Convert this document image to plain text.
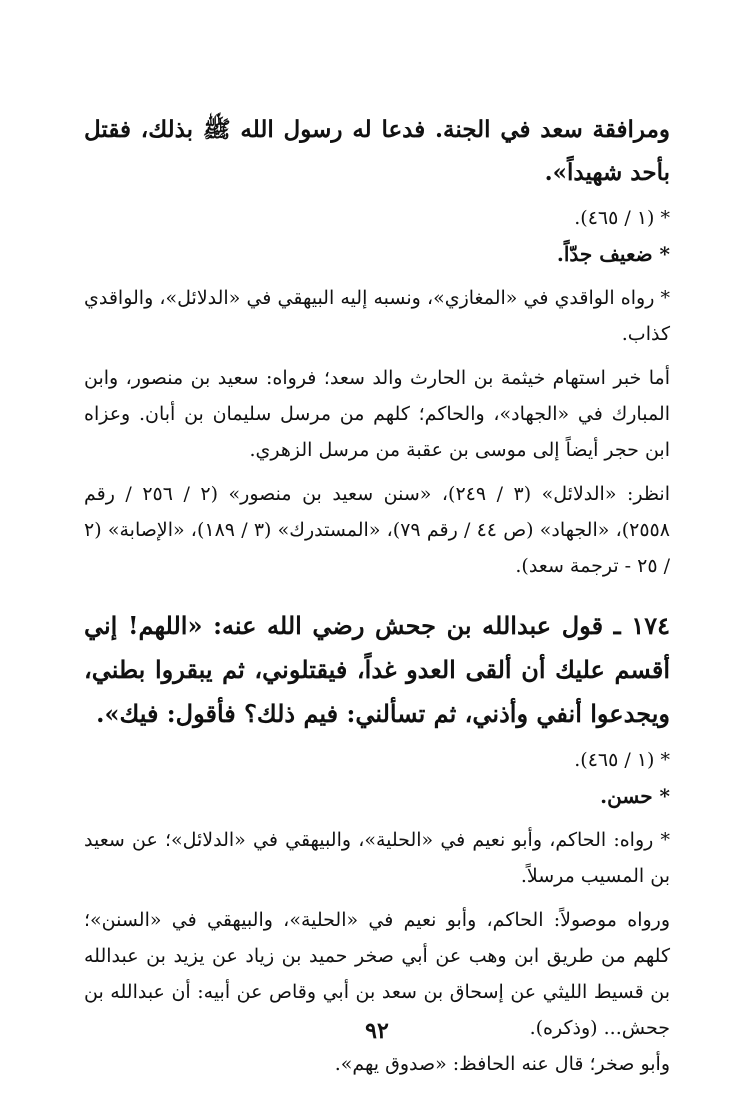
ومرافقة سعد في الجنة. فدعا له رسول الله ﷺ بذلك، فقتل بأحد شهيداً».

* (١ / ٤٦٥).

* ضعيف جدّاً.

* رواه الواقدي في «المغازي»، ونسبه إليه البيهقي في «الدلائل»، والواقدي كذاب.

أما خبر استهام خيثمة بن الحارث والد سعد؛ فرواه: سعيد بن منصور، وابن المبارك في «الجهاد»، والحاكم؛ كلهم من مرسل سليمان بن أبان. وعزاه ابن حجر أيضاً إلى موسى بن عقبة من مرسل الزهري.

انظر: «الدلائل» (٣ / ٢٤٩)، «سنن سعيد بن منصور» (٢ / ٢٥٦ / رقم ٢٥٥٨)، «الجهاد» (ص ٤٤ / رقم ٧٩)، «المستدرك» (٣ / ١٨٩)، «الإصابة» (٢ / ٢٥ - ترجمة سعد).

١٧٤ ـ قول عبدالله بن جحش رضي الله عنه: «اللهم! إني أقسم عليك أن ألقى العدو غداً، فيقتلوني، ثم يبقروا بطني، ويجدعوا أنفي وأذني، ثم تسألني: فيم ذلك؟ فأقول: فيك».

* (١ / ٤٦٥).

* حسن.

* رواه: الحاكم، وأبو نعيم في «الحلية»، والبيهقي في «الدلائل»؛ عن سعيد بن المسيب مرسلاً.

ورواه موصولاً: الحاكم، وأبو نعيم في «الحلية»، والبيهقي في «السنن»؛ كلهم من طريق ابن وهب عن أبي صخر حميد بن زياد عن يزيد بن عبدالله بن قسيط الليثي عن إسحاق بن سعد بن أبي وقاص عن أبيه: أن عبدالله بن جحش... (وذكره).

وأبو صخر؛ قال عنه الحافظ: «صدوق يهم».

٩٢
